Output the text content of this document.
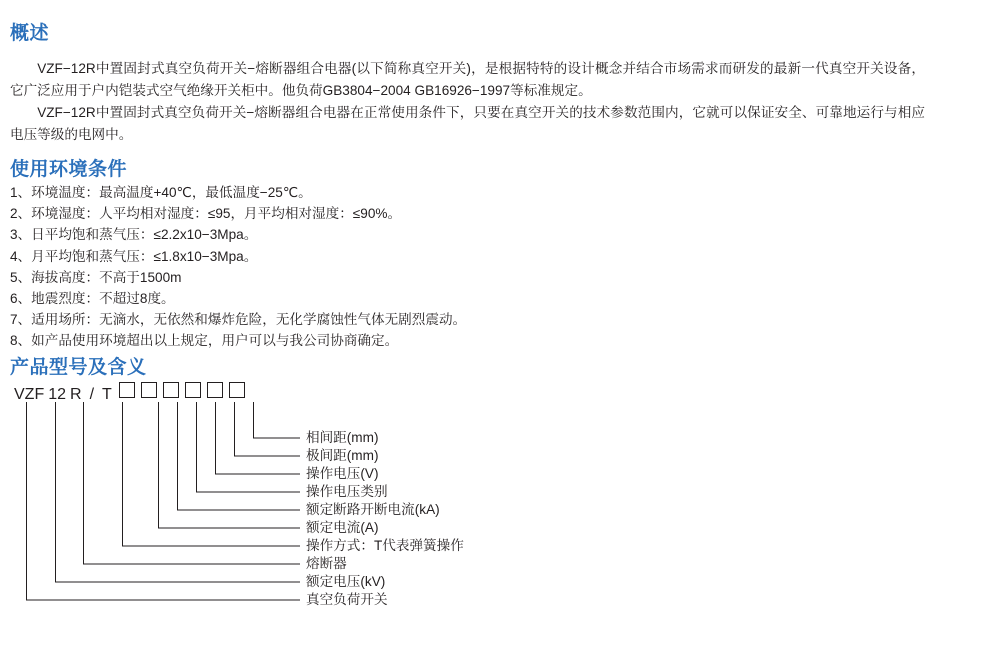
概述
VZF−12R中置固封式真空负荷开关−熔断器组合电器(以下简称真空开关)，是根据特特的设计概念并结合市场需求而研发的最新一代真空开关设备，它广泛应用于户内铠装式空气绝缘开关柜中。他负荷GB3804−2004 GB16926−1997等标准规定。
VZF−12R中置固封式真空负荷开关−熔断器组合电器在正常使用条件下，只要在真空开关的技术参数范围内，它就可以保证安全、可靠地运行与相应电压等级的电网中。
使用环境条件
1、环境温度：最高温度+40℃，最低温度−25℃。
2、环境湿度：人平均相对湿度：≤95，月平均相对湿度：≤90%。
3、日平均饱和蒸气压：≤2.2x10−3Mpa。
4、月平均饱和蒸气压：≤1.8x10−3Mpa。
5、海拔高度：不高于1500m
6、地震烈度：不超过8度。
7、适用场所：无滴水，无依然和爆炸危险，无化学腐蚀性气体无剧烈震动。
8、如产品使用环境超出以上规定，用户可以与我公司协商确定。
产品型号及含义
VZF 12 R / T
相间距(mm)
极间距(mm)
操作电压(V)
操作电压类别
额定断路开断电流(kA)
额定电流(A)
操作方式：T代表弹簧操作
熔断器
额定电压(kV)
真空负荷开关
